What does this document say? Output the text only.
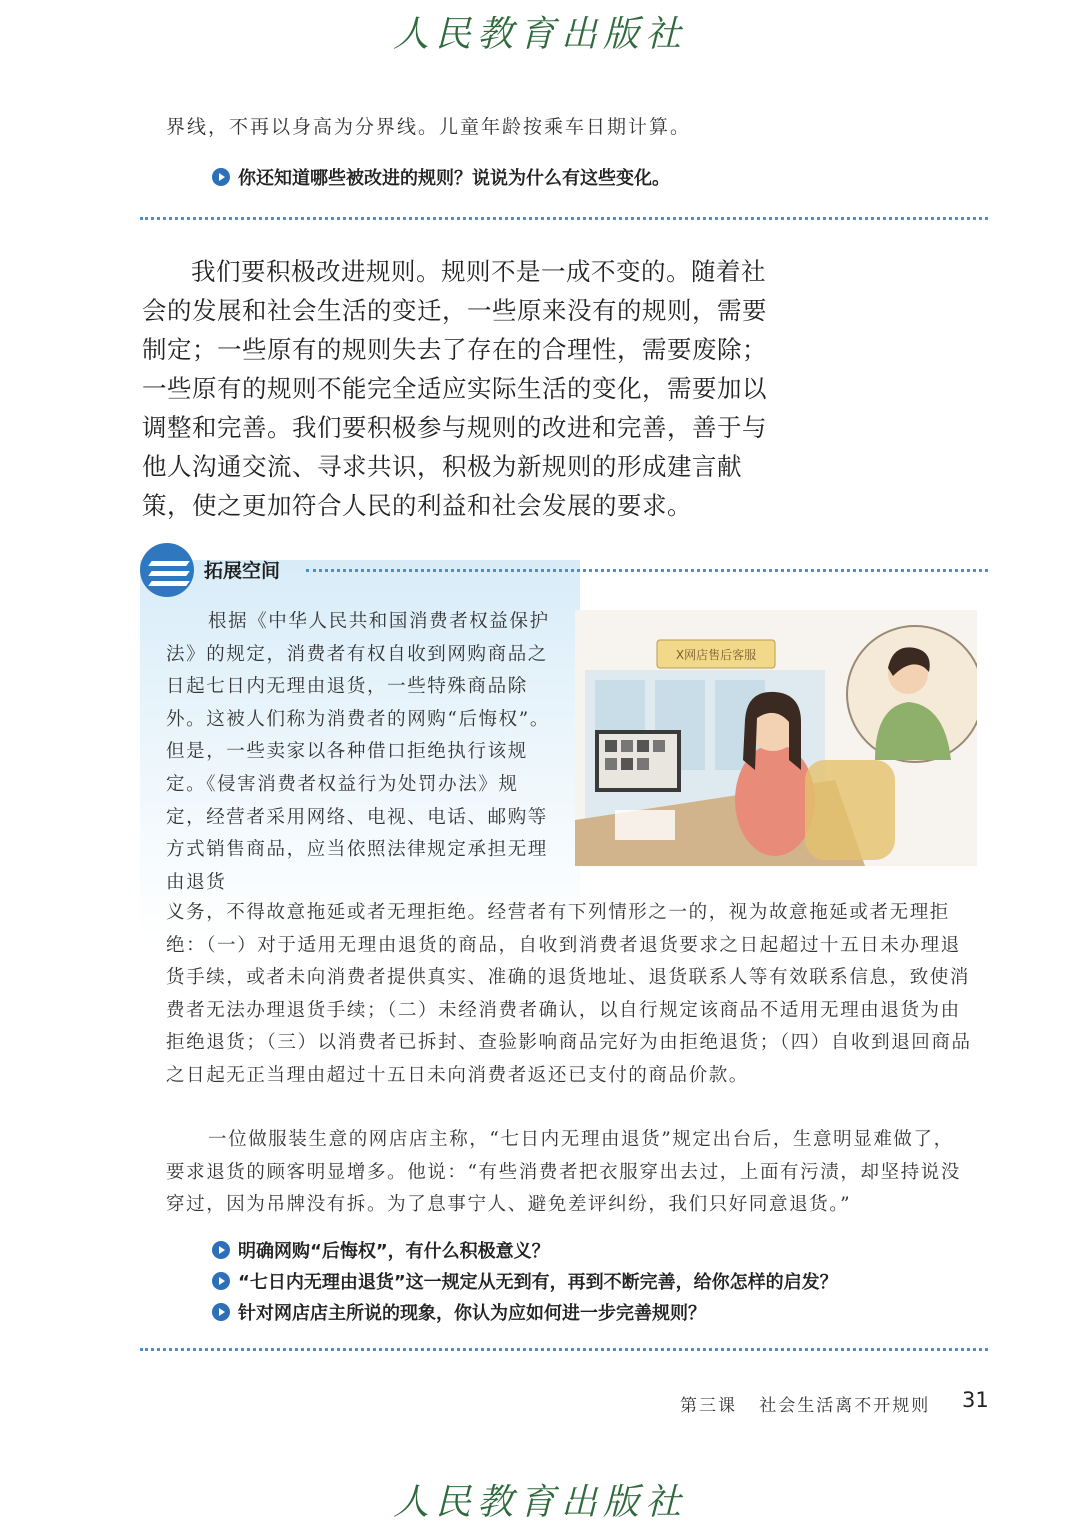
人民教育出版社
界线，不再以身高为分界线。儿童年龄按乘车日期计算。
你还知道哪些被改进的规则？说说为什么有这些变化。
我们要积极改进规则。规则不是一成不变的。随着社会的发展和社会生活的变迁，一些原来没有的规则，需要制定；一些原有的规则失去了存在的合理性，需要废除；一些原有的规则不能完全适应实际生活的变化，需要加以调整和完善。我们要积极参与规则的改进和完善，善于与他人沟通交流、寻求共识，积极为新规则的形成建言献策，使之更加符合人民的利益和社会发展的要求。
拓展空间
根据《中华人民共和国消费者权益保护法》的规定，消费者有权自收到网购商品之日起七日内无理由退货，一些特殊商品除外。这被人们称为消费者的网购“后悔权”。但是，一些卖家以各种借口拒绝执行该规定。《侵害消费者权益行为处罚办法》规定，经营者采用网络、电视、电话、邮购等方式销售商品，应当依照法律规定承担无理由退货
X网店售后客服
义务，不得故意拖延或者无理拒绝。经营者有下列情形之一的，视为故意拖延或者无理拒绝：（一）对于适用无理由退货的商品，自收到消费者退货要求之日起超过十五日未办理退货手续，或者未向消费者提供真实、准确的退货地址、退货联系人等有效联系信息，致使消费者无法办理退货手续；（二）未经消费者确认，以自行规定该商品不适用无理由退货为由拒绝退货；（三）以消费者已拆封、查验影响商品完好为由拒绝退货；（四）自收到退回商品之日起无正当理由超过十五日未向消费者返还已支付的商品价款。
一位做服装生意的网店店主称，“七日内无理由退货”规定出台后，生意明显难做了，要求退货的顾客明显增多。他说：“有些消费者把衣服穿出去过，上面有污渍，却坚持说没穿过，因为吊牌没有拆。为了息事宁人、避免差评纠纷，我们只好同意退货。”
明确网购“后悔权”，有什么积极意义？
“七日内无理由退货”这一规定从无到有，再到不断完善，给你怎样的启发？
针对网店店主所说的现象，你认为应如何进一步完善规则？
第三课 社会生活离不开规则 31
人民教育出版社
